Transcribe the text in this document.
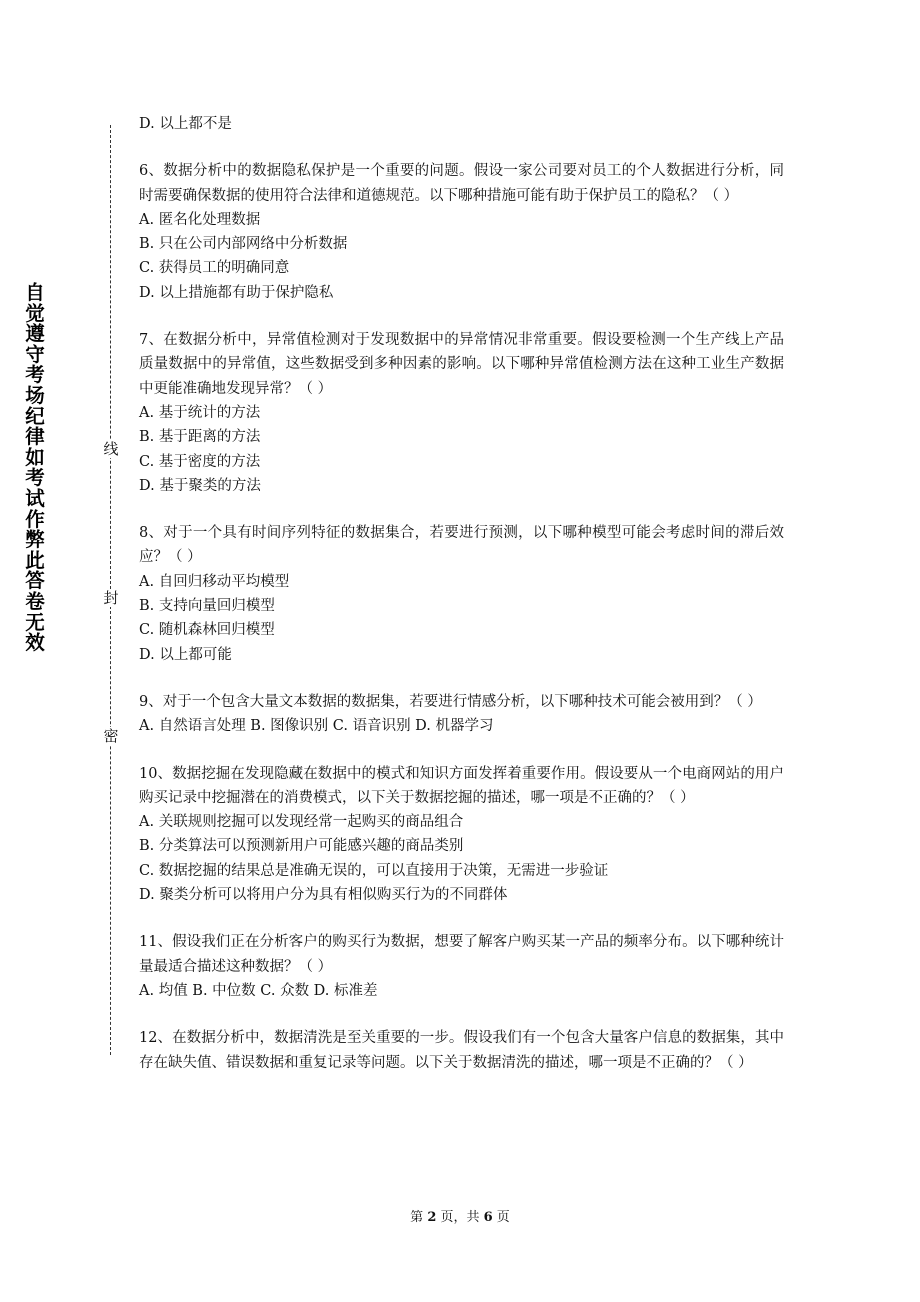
自觉遵守考场纪律如考试作弊此答卷无效
线
封
密
D. 以上都不是
6、数据分析中的数据隐私保护是一个重要的问题。假设一家公司要对员工的个人数据进行分析，同时需要确保数据的使用符合法律和道德规范。以下哪种措施可能有助于保护员工的隐私？（ ）
A. 匿名化处理数据
B. 只在公司内部网络中分析数据
C. 获得员工的明确同意
D. 以上措施都有助于保护隐私
7、在数据分析中，异常值检测对于发现数据中的异常情况非常重要。假设要检测一个生产线上产品质量数据中的异常值，这些数据受到多种因素的影响。以下哪种异常值检测方法在这种工业生产数据中更能准确地发现异常？（ ）
A. 基于统计的方法
B. 基于距离的方法
C. 基于密度的方法
D. 基于聚类的方法
8、对于一个具有时间序列特征的数据集合，若要进行预测，以下哪种模型可能会考虑时间的滞后效应？（ ）
A. 自回归移动平均模型
B. 支持向量回归模型
C. 随机森林回归模型
D. 以上都可能
9、对于一个包含大量文本数据的数据集，若要进行情感分析，以下哪种技术可能会被用到？（ ）
A. 自然语言处理 B. 图像识别 C. 语音识别 D. 机器学习
10、数据挖掘在发现隐藏在数据中的模式和知识方面发挥着重要作用。假设要从一个电商网站的用户购买记录中挖掘潜在的消费模式，以下关于数据挖掘的描述，哪一项是不正确的？（ ）
A. 关联规则挖掘可以发现经常一起购买的商品组合
B. 分类算法可以预测新用户可能感兴趣的商品类别
C. 数据挖掘的结果总是准确无误的，可以直接用于决策，无需进一步验证
D. 聚类分析可以将用户分为具有相似购买行为的不同群体
11、假设我们正在分析客户的购买行为数据，想要了解客户购买某一产品的频率分布。以下哪种统计量最适合描述这种数据？（ ）
A. 均值 B. 中位数 C. 众数 D. 标准差
12、在数据分析中，数据清洗是至关重要的一步。假设我们有一个包含大量客户信息的数据集，其中存在缺失值、错误数据和重复记录等问题。以下关于数据清洗的描述，哪一项是不正确的？（ ）
第 2 页，共 6 页
